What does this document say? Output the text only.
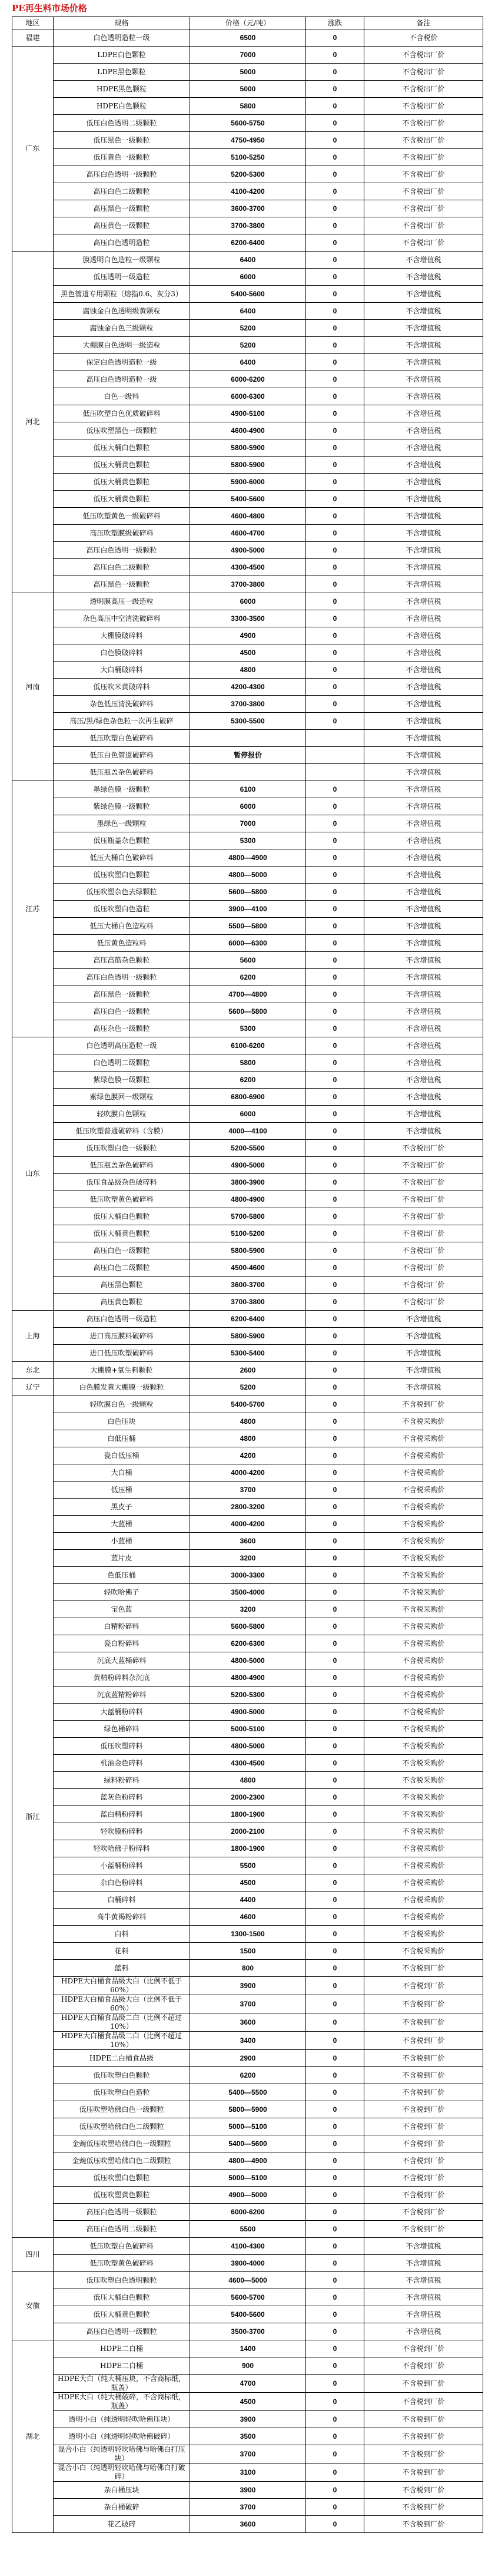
PE再生料市场价格
地区	规格	价格（元/吨）	涨跌	备注
福建	白色透明造粒一级	6500	0	不含税价
广东	LDPE白色颗粒	7000	0	不含税出厂价
	LDPE黑色颗粒	5000	0	不含税出厂价
	HDPE黑色颗粒	5000	0	不含税出厂价
	HDPE白色颗粒	5800	0	不含税出厂价
	低压白色透明二级颗粒	5600-5750	0	不含税出厂价
	低压黑色一级颗粒	4750-4950	0	不含税出厂价
	低压黄色一级颗粒	5100-5250	0	不含税出厂价
	高压白色透明一级颗粒	5200-5300	0	不含税出厂价
	高压白色二级颗粒	4100-4200	0	不含税出厂价
	高压黑色一级颗粒	3600-3700	0	不含税出厂价
	高压黄色一级颗粒	3700-3800	0	不含税出厂价
	高压白色透明造粒	6200-6400	0	不含税出厂价
河北	膜透明白色造粒一级颗粒	6400	0	不含增值税
	低压透明一级造粒	6000	0	不含增值税
	黑色管道专用颗粒（熔指0.6、灰分3）	5400-5600	0	不含增值税
	腐蚀金白色透明级黄颗粒	6400	0	不含增值税
	腐蚀金白色三级颗粒	5200	0	不含增值税
	大棚膜白色透明一级造粒	5200	0	不含增值税
	保定白色透明造粒一级	6400	0	不含增值税
	高压白色透明造粒一级	6000-6200	0	不含增值税
	白色一级料	6000-6300	0	不含增值税
	低压吹塑白色优质破碎料	4900-5100	0	不含增值税
	低压吹塑黑色一级颗粒	4600-4900	0	不含增值税
	低压大桶白色颗粒	5800-5900	0	不含增值税
	低压大桶黄色颗粒	5800-5900	0	不含增值税
	低压大桶黄色颗粒	5900-6000	0	不含增值税
	低压大桶黄色颗粒	5400-5600	0	不含增值税
	低压吹塑黄色一级破碎料	4600-4800	0	不含增值税
	高压吹塑膜级破碎料	4600-4700	0	不含增值税
	高压白色透明一级颗粒	4900-5000	0	不含增值税
	高压白色二级颗粒	4300-4500	0	不含增值税
	高压黑色一级颗粒	3700-3800	0	不含增值税
河南	透明膜高压一级造粒	6000	0	不含增值税
	杂色高压中空清洗破碎料	3300-3500	0	不含增值税
	大棚膜破碎料	4900	0	不含增值税
	白色膜破碎料	4500	0	不含增值税
	大白桶破碎料	4800	0	不含增值税
	低压吹米黄破碎料	4200-4300	0	不含增值税
	杂色低压清洗破碎料	3700-3800	0	不含增值税
	高压/黑/绿色杂色粒一次再生破碎	5300-5500	0	不含增值税
	低压吹塑白色破碎料			不含增值税
	低压白色管道破碎料	暂停报价		不含增值税
	低压瓶盖杂色破碎料			不含增值税
江苏	墨绿色膜一级颗粒	6100	0	不含增值税
	紫绿色膜一级颗粒	6000	0	不含增值税
	墨绿色一级颗粒	7000	0	不含增值税
	低压瓶盖杂色颗粒	5300	0	不含增值税
	低压大桶白色破碎料	4800—4900	0	不含增值税
	低压吹塑白色颗粒	4800—5000	0	不含增值税
	低压吹塑杂色去绿颗粒	5600—5800	0	不含增值税
	低压吹塑白色造粒	3900—4100	0	不含增值税
	低压大桶白色造粒料	5500—5800	0	不含增值税
	低压黄色造粒料	6000—6300	0	不含增值税
	高压高筋杂色颗粒	5600	0	不含增值税
	高压白色透明一级颗粒	6200	0	不含增值税
	高压黑色一级颗粒	4700—4800	0	不含增值税
	高压白色一级颗粒	5600—5800	0	不含增值税
	高压杂色一级颗粒	5300	0	不含增值税
山东	白色透明高压造粒一级	6100-6200	0	不含增值税
	白色透明二级颗粒	5800	0	不含增值税
	紫绿色膜一级颗粒	6200	0	不含增值税
	紫绿色膜回一级颗粒	6800-6900	0	不含增值税
	轻吹膜白色颗粒	6000	0	不含增值税
	低压吹塑普通破碎料（含膜）	4000—4100	0	不含增值税
	低压吹塑白色一级颗粒	5200-5500	0	不含税出厂价
	低压瓶盖杂色破碎料	4900-5000	0	不含税出厂价
	低压食品级杂色破碎料	3800-3900	0	不含税出厂价
	低压吹塑黄色破碎料	4800-4900	0	不含税出厂价
	低压大桶白色颗粒	5700-5800	0	不含税出厂价
	低压大桶黄色颗粒	5100-5200	0	不含税出厂价
	高压白色一级颗粒	5800-5900	0	不含税出厂价
	高压白色二级颗粒	4500-4600	0	不含税出厂价
	高压黑色颗粒	3600-3700	0	不含税出厂价
	高压黄色颗粒	3700-3800	0	不含税出厂价
上海	高压白色透明一级造粒	6200-6400	0	不含增值税
	进口高压膜料破碎料	5800-5900	0	不含增值税
	进口低压吹塑破碎料	5300-5400	0	不含增值税
东北	大棚膜+氧生料颗粒	2600	0	不含增值税
辽宁	白色膜发黄大棚膜一级颗粒	5200	0	不含增值税
浙江	轻吹膜白色一级颗粒	5400-5700	0	不含税到厂价
	白色压块	4800	0	不含税采购价
	白低压桶	4800	0	不含税采购价
	瓷白低压桶	4200	0	不含税采购价
	大白桶	4000-4200	0	不含税采购价
	低压桶	3700	0	不含税采购价
	黑皮子	2800-3200	0	不含税采购价
	大蓝桶	4000-4200	0	不含税采购价
	小蓝桶	3600	0	不含税采购价
	蓝片皮	3200	0	不含税采购价
	色低压桶	3000-3300	0	不含税采购价
	轻吹哈佛子	3500-4000	0	不含税采购价
	宝色蓝	3200	0	不含税采购价
	白精粉碎料	5600-5800	0	不含税采购价
	瓷白粉碎料	6200-6300	0	不含税采购价
	沉底大蓝桶碎料	4800-5000	0	不含税采购价
	黄精粉碎料杂沉底	4800-4900	0	不含税采购价
	沉底蓝精粉碎料	5200-5300	0	不含税采购价
	大蓝桶粉碎料	4900-5000	0	不含税采购价
	绿色桶碎料	5000-5100	0	不含税采购价
	低压吹塑碎料	4800-5000	0	不含税采购价
	机油金色碎料	4300-4500	0	不含税采购价
	绿料粉碎料	4800	0	不含税采购价
	蓝灰色粉碎料	2000-2300	0	不含税采购价
	蓝白精粉碎料	1800-1900	0	不含税采购价
	轻吹膜粉碎料	2000-2100	0	不含税采购价
	轻吹哈佛子粉碎料	1800-1900	0	不含税采购价
	小蓝桶粉碎料	5500	0	不含税采购价
	杂白色粉碎料	4500	0	不含税采购价
	白桶碎料	4400	0	不含税采购价
	高牛黄褐粉碎料	4600	0	不含税采购价
	白料	1300-1500	0	不含税采购价
	花料	1500	0	不含税采购价
	蓝料	800	0	不含税到厂价
	HDPE大白桶食品级大白（比例不低于60%）	3900	0	不含税到厂价
	HDPE大白桶食品级大白（比例不低于60%）	3700	0	不含税到厂价
	HDPE大白桶食品级二白（比例不超过10%）	3600	0	不含税到厂价
	HDPE大白桶食品级二白（比例不超过10%）	3400	0	不含税到厂价
	HDPE二白桶食品级	2900	0	不含税到厂价
	低压吹塑白色颗粒	6200	0	不含税到厂价
	低压吹塑白色造粒	5400—5500	0	不含税到厂价
	低压吹塑哈佛白色一级颗粒	5800—5900	0	不含税到厂价
	低压吹塑哈佛白色二级颗粒	5000—5100	0	不含税到厂价
	金豌低压吹塑哈佛白色一级颗粒	5400—5600	0	不含税到厂价
	金豌低压吹塑哈佛白色二级颗粒	4800—4900	0	不含税到厂价
	低压吹塑白色颗粒	5000—5100	0	不含税到厂价
	低压吹塑黄色颗粒	4900—5000	0	不含税到厂价
	高压白色透明一级颗粒	6000-6200	0	不含税到厂价
	高压白色透明二级颗粒	5500	0	不含税到厂价
四川	低压吹塑白色破碎料	4100-4300	0	不含增值税
	低压吹塑黄色破碎料	3900-4000	0	不含增值税
安徽	低压吹塑白色透明颗粒	4600—5000	0	不含增值税
	低压大桶白色颗粒	5600-5700	0	不含增值税
	低压大桶黄色颗粒	5400-5600	0	不含增值税
	高压白色透明一级颗粒	3500-3700	0	不含增值税
湖北	HDPE二白桶	1400	0	不含税到厂价
	HDPE二白桶	900	0	不含税到厂价
	HDPE大白（纯大桶压块，不含商标纸，瓶盖）	4700	0	不含税到厂价
	HDPE大白（纯大桶破碎，不含商标纸，瓶盖）	4500	0	不含税到厂价
	透明小白（纯透明轻吹哈佛压块）	3900	0	不含税到厂价
	透明小白（纯透明轻吹哈佛破碎）	3500	0	不含税到厂价
	混合小白（纯透明轻吹哈佛与哈佛白打压块）	3700	0	不含税到厂价
	混合小白（纯透明轻吹哈佛与哈佛白打破碎）	3100	0	不含税到厂价
	杂白桶压块	3900	0	不含税到厂价
	杂白桶破碎	3700	0	不含税到厂价
	花乙破碎	3600	0	不含税到厂价
